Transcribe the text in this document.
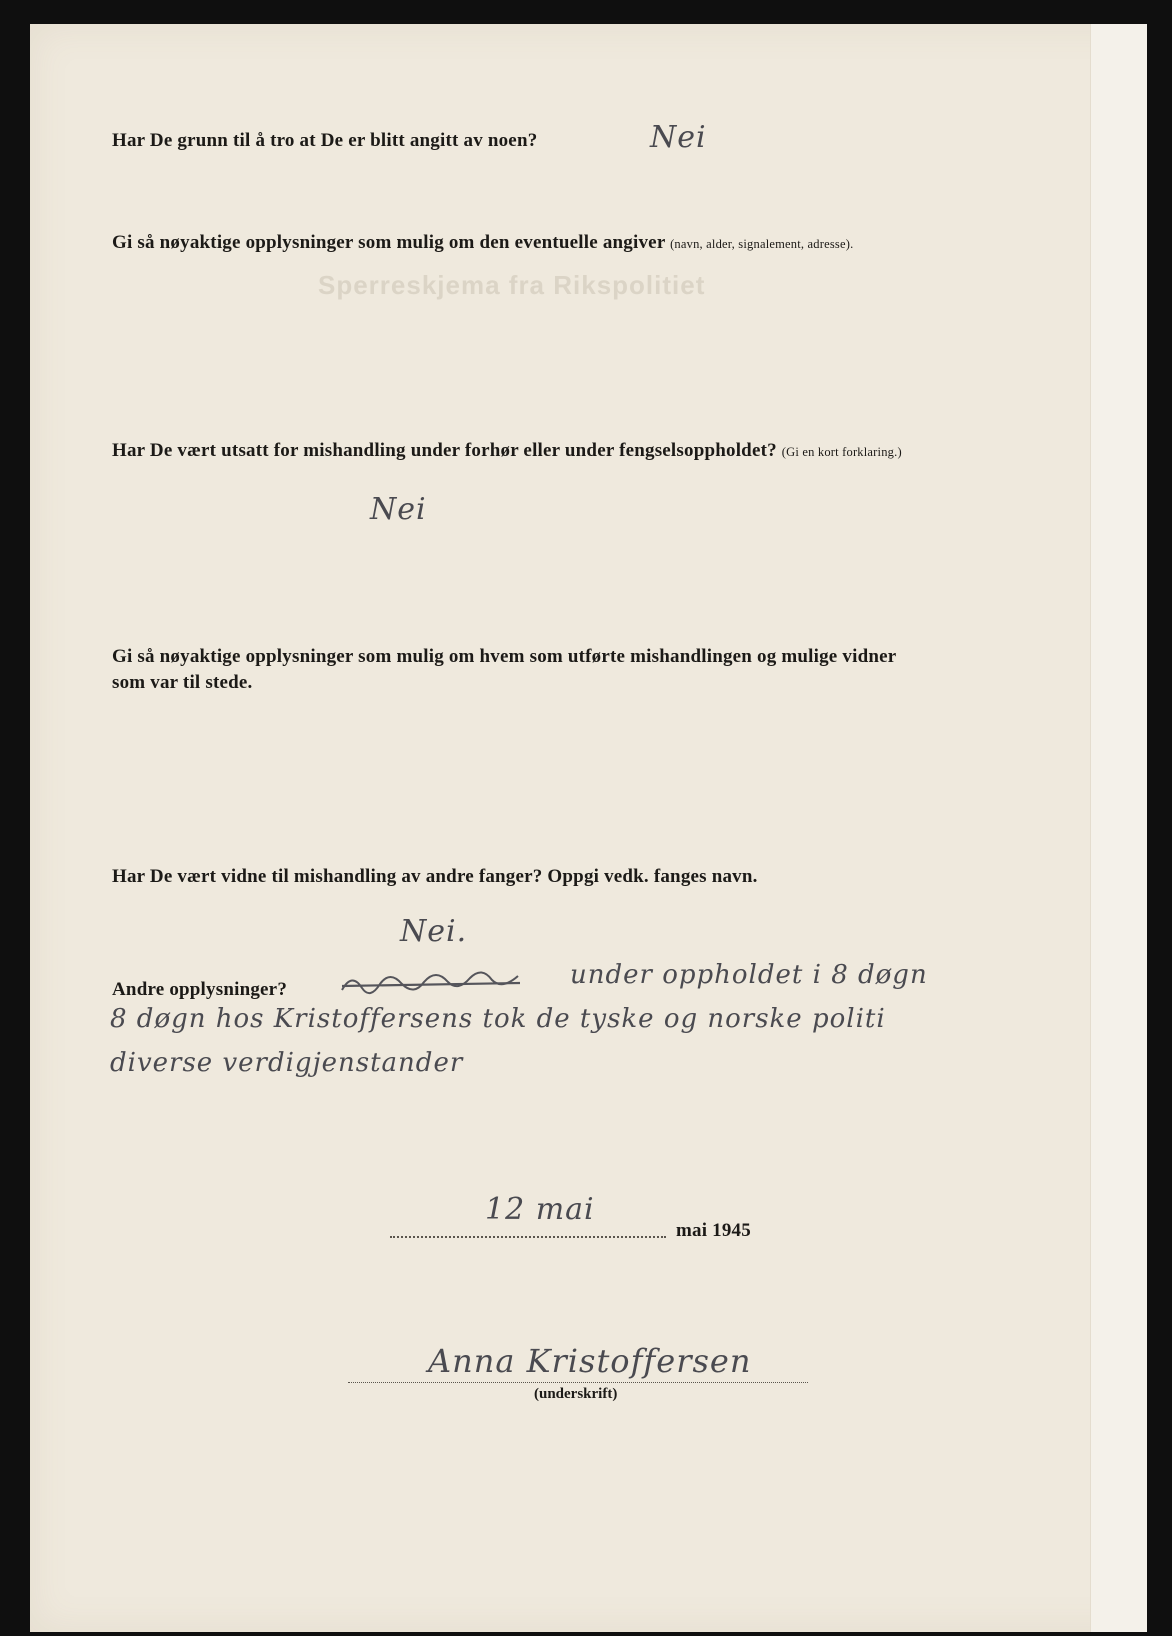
Sperreskjema fra Rikspolitiet
Har De grunn til å tro at De er blitt angitt av noen?	Nei
Gi så nøyaktige opplysninger som mulig om den eventuelle angiver (navn, alder, signalement, adresse).
Har De vært utsatt for mishandling under forhør eller under fengselsoppholdet? (Gi en kort forklaring.)
Nei
Gi så nøyaktige opplysninger som mulig om hvem som utførte mishandlingen og mulige vidner
som var til stede.
Har De vært vidne til mishandling av andre fanger? Oppgi vedk. fanges navn.
Nei.
Andre opplysninger?	under oppholdet i 8 døgn
8 døgn hos Kristoffersens tok de tyske og norske politi
diverse verdigjenstander
12 mai
mai 1945
Anna Kristoffersen
(underskrift)
